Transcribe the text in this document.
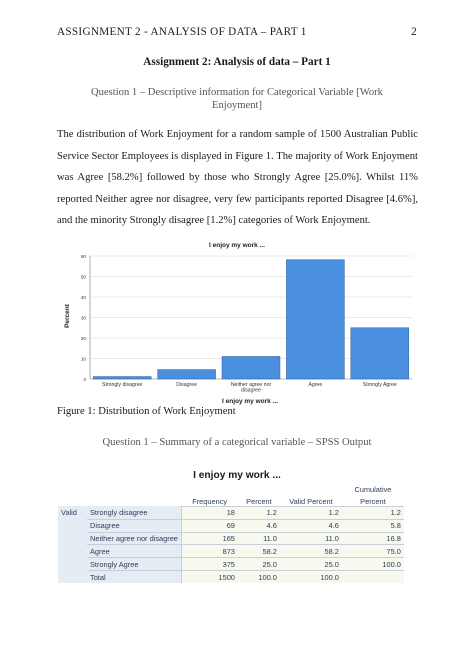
ASSIGNMENT 2 - ANALYSIS OF DATA – PART 1	2
Assignment 2: Analysis of data – Part 1
Question 1 – Descriptive information for Categorical Variable [Work Enjoyment]
The distribution of Work Enjoyment for a random sample of 1500 Australian Public Service Sector Employees is displayed in Figure 1. The majority of Work Enjoyment was Agree [58.2%] followed by those who Strongly Agree [25.0%]. Whilst 11% reported Neither agree nor disagree, very few participants reported Disagree [4.6%], and the minority Strongly disagree [1.2%] categories of Work Enjoyment.
I enjoy my work ...
Percent
I enjoy my work ...
0
10
20
30
40
50
60
Strongly disagree	Disagree	Neither agree nor
disagree
Agree	Strongly Agree
Figure 1: Distribution of Work Enjoyment
Question 1 – Summary of a categorical variable – SPSS Output
I enjoy my work ...
					Cumulative
		Frequency	Percent	Valid Percent	Percent
Valid	Strongly disagree	18	1.2	1.2	1.2
	Disagree	69	4.6	4.6	5.8
	Neither agree nor disagree	165	11.0	11.0	16.8
	Agree	873	58.2	58.2	75.0
	Strongly Agree	375	25.0	25.0	100.0
	Total	1500	100.0	100.0	
